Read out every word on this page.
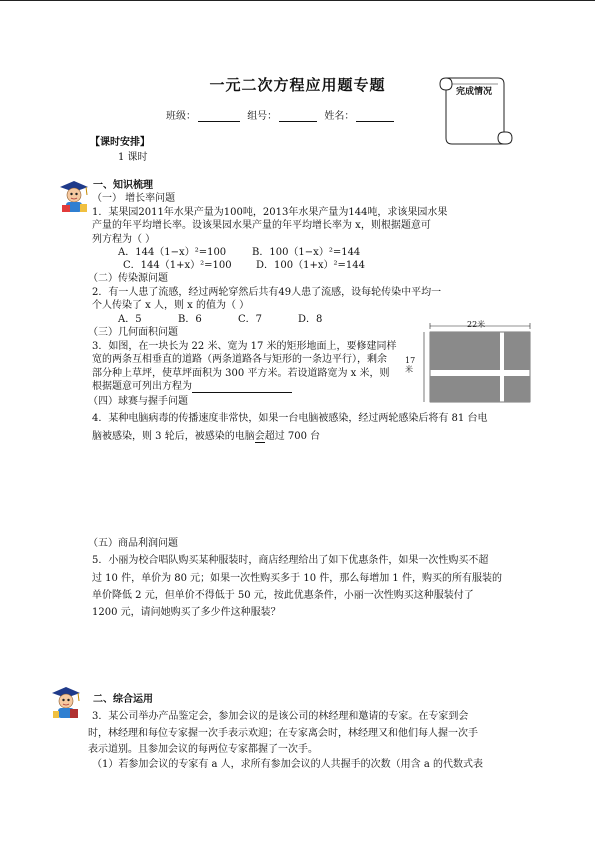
一元二次方程应用题专题
班级：	组号：	姓名：
完成情况
【课时安排】
1 课时
一、知识梳理
（一） 增长率问题
1．某果园2011年水果产量为100吨，2013年水果产量为144吨，求该果园水果
产量的年平均增长率。设该果园水果产量的年平均增长率为 x，则根据题意可
列方程为（ ）
A．144（1−x）²=100	B．100（1−x）²=144
C．144（1+x）²=100 D．100（1+x）²=144
（二）传染源问题
2．有一人患了流感，经过两轮穿然后共有49人患了流感，设每轮传染中平均一
个人传染了 x 人，则 x 的值为（ ）
A．5	B．6	C．7	D．8
（三）几何面积问题
3．如图，在一块长为 22 米、宽为 17 米的矩形地面上，要修建同样
宽的两条互相垂直的道路（两条道路各与矩形的一条边平行），剩余
部分种上草坪，使草坪面积为 300 平方米。若设道路宽为 x 米，则
根据题意可列出方程为
22米
17米
（四）球赛与握手问题
4．某种电脑病毒的传播速度非常快，如果一台电脑被感染，经过两轮感染后将有 81 台电
脑被感染，则 3 轮后，被感染的电脑会超过 700 台
（五）商品利润问题
5．小丽为校合唱队购买某种服装时，商店经理给出了如下优惠条件，如果一次性购买不超
过 10 件，单价为 80 元；如果一次性购买多于 10 件，那么每增加 1 件，购买的所有服装的
单价降低 2 元，但单价不得低于 50 元，按此优惠条件，小丽一次性购买这种服装付了
1200 元，请问她购买了多少件这种服装？
二、综合运用
3．某公司举办产品鉴定会，参加会议的是该公司的林经理和邀请的专家。在专家到会
时，林经理和每位专家握一次手表示欢迎；在专家离会时，林经理又和他们每人握一次手
表示道别。且参加会议的每两位专家都握了一次手。
（1）若参加会议的专家有 a 人，求所有参加会议的人共握手的次数（用含 a 的代数式表
